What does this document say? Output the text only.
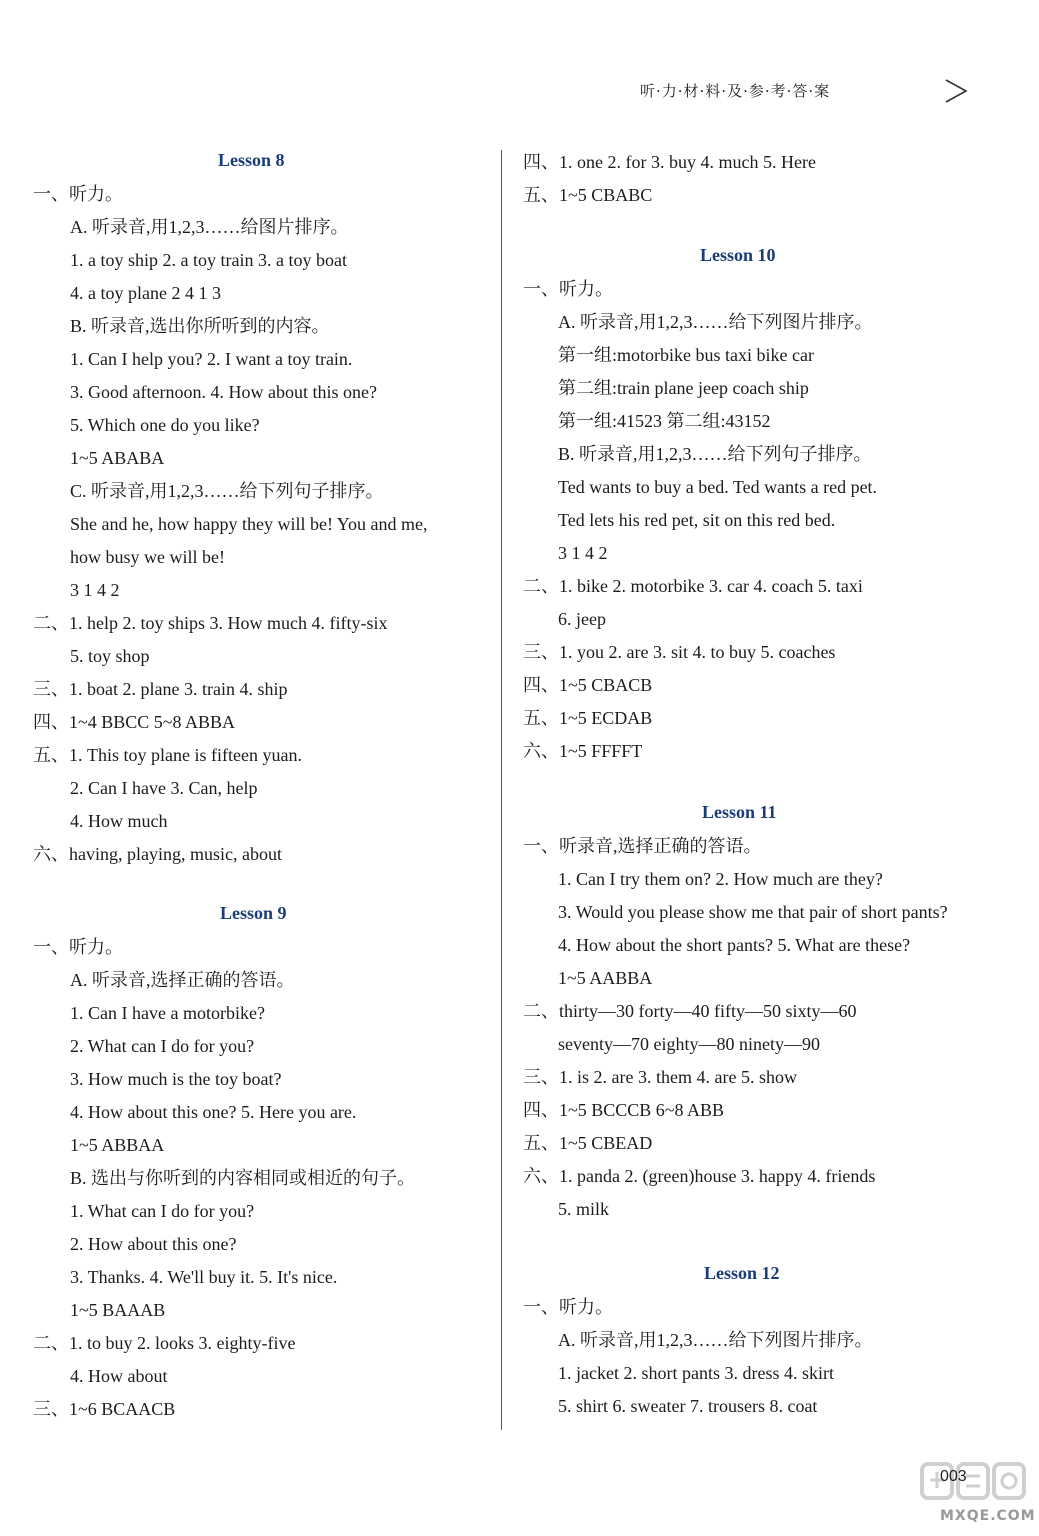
听·力·材·料·及·参·考·答·案
Lesson 8
一、听力。
A. 听录音,用1,2,3……给图片排序。
1. a toy ship 2. a toy train 3. a toy boat
4. a toy plane 2 4 1 3
B. 听录音,选出你所听到的内容。
1. Can I help you? 2. I want a toy train.
3. Good afternoon. 4. How about this one?
5. Which one do you like?
1~5 ABABA
C. 听录音,用1,2,3……给下列句子排序。
She and he, how happy they will be! You and me,
how busy we will be!
3 1 4 2
二、1. help 2. toy ships 3. How much 4. fifty-six
5. toy shop
三、1. boat 2. plane 3. train 4. ship
四、1~4 BBCC 5~8 ABBA
五、1. This toy plane is fifteen yuan.
2. Can I have 3. Can, help
4. How much
六、having, playing, music, about
Lesson 9
一、听力。
A. 听录音,选择正确的答语。
1. Can I have a motorbike?
2. What can I do for you?
3. How much is the toy boat?
4. How about this one? 5. Here you are.
1~5 ABBAA
B. 选出与你听到的内容相同或相近的句子。
1. What can I do for you?
2. How about this one?
3. Thanks. 4. We'll buy it. 5. It's nice.
1~5 BAAAB
二、1. to buy 2. looks 3. eighty-five
4. How about
三、1~6 BCAACB
四、1. one 2. for 3. buy 4. much 5. Here
五、1~5 CBABC
Lesson 10
一、听力。
A. 听录音,用1,2,3……给下列图片排序。
第一组:motorbike bus taxi bike car
第二组:train plane jeep coach ship
第一组:41523 第二组:43152
B. 听录音,用1,2,3……给下列句子排序。
Ted wants to buy a bed. Ted wants a red pet.
Ted lets his red pet, sit on this red bed.
3 1 4 2
二、1. bike 2. motorbike 3. car 4. coach 5. taxi
6. jeep
三、1. you 2. are 3. sit 4. to buy 5. coaches
四、1~5 CBACB
五、1~5 ECDAB
六、1~5 FFFFT
Lesson 11
一、听录音,选择正确的答语。
1. Can I try them on? 2. How much are they?
3. Would you please show me that pair of short pants?
4. How about the short pants? 5. What are these?
1~5 AABBA
二、thirty—30 forty—40 fifty—50 sixty—60
seventy—70 eighty—80 ninety—90
三、1. is 2. are 3. them 4. are 5. show
四、1~5 BCCCB 6~8 ABB
五、1~5 CBEAD
六、1. panda 2. (green)house 3. happy 4. friends
5. milk
Lesson 12
一、听力。
A. 听录音,用1,2,3……给下列图片排序。
1. jacket 2. short pants 3. dress 4. skirt
5. shirt 6. sweater 7. trousers 8. coat
003
MXQE.COM
